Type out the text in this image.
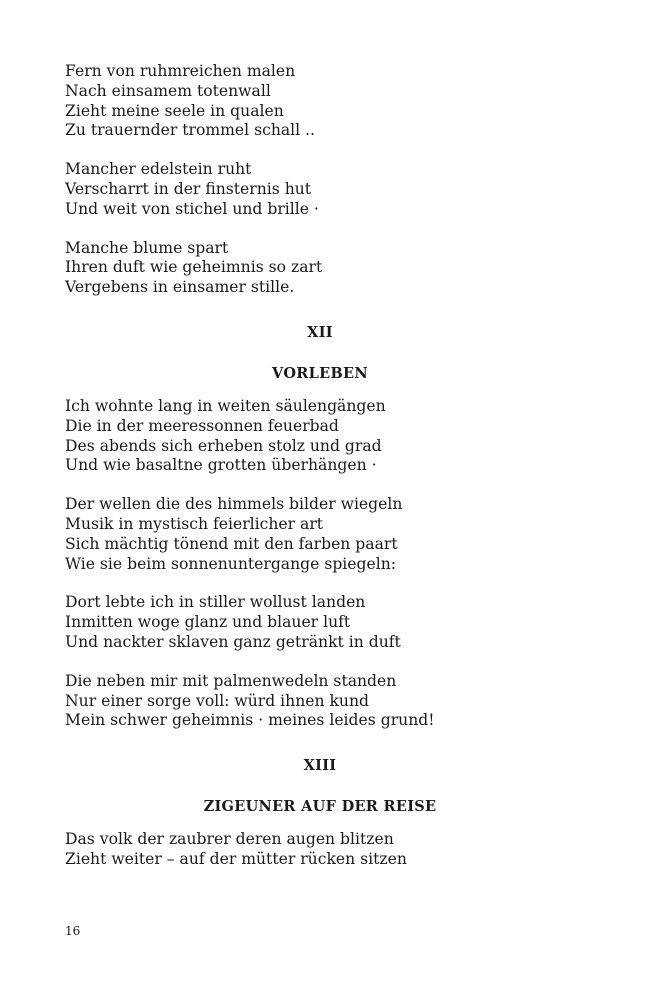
Fern von ruhmreichen malen
Nach einsamem totenwall
Zieht meine seele in qualen
Zu trauernder trommel schall ..
Mancher edelstein ruht
Verscharrt in der finsternis hut
Und weit von stichel und brille ·
Manche blume spart
Ihren duft wie geheimnis so zart
Vergebens in einsamer stille.
XII
VORLEBEN
Ich wohnte lang in weiten säulengängen
Die in der meeressonnen feuerbad
Des abends sich erheben stolz und grad
Und wie basaltne grotten überhängen ·
Der wellen die des himmels bilder wiegeln
Musik in mystisch feierlicher art
Sich mächtig tönend mit den farben paart
Wie sie beim sonnenuntergange spiegeln:
Dort lebte ich in stiller wollust landen
Inmitten woge glanz und blauer luft
Und nackter sklaven ganz getränkt in duft
Die neben mir mit palmenwedeln standen
Nur einer sorge voll: würd ihnen kund
Mein schwer geheimnis · meines leides grund!
XIII
ZIGEUNER AUF DER REISE
Das volk der zaubrer deren augen blitzen
Zieht weiter – auf der mütter rücken sitzen
16
